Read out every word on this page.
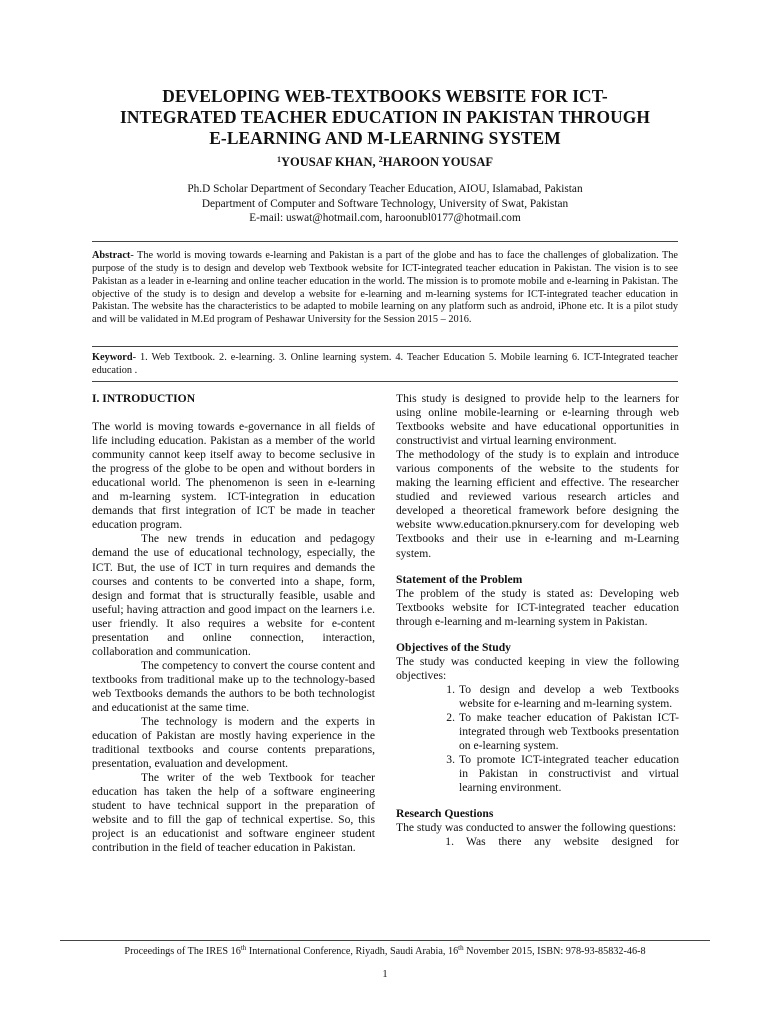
DEVELOPING WEB-TEXTBOOKS WEBSITE FOR ICT-
INTEGRATED TEACHER EDUCATION IN PAKISTAN THROUGH
E-LEARNING AND M-LEARNING SYSTEM
$^1$YOUSAF KHAN, $^2$HAROON YOUSAF
Ph.D Scholar Department of Secondary Teacher Education, AIOU, Islamabad, Pakistan
Department of Computer and Software Technology, University of Swat, Pakistan
E-mail: uswat@hotmail.com, haroonubl0177@hotmail.com
Abstract- The world is moving towards e-learning and Pakistan is a part of the globe and has to face the challenges of globalization. The purpose of the study is to design and develop web Textbook website for ICT-integrated teacher education in Pakistan. The vision is to see Pakistan as a leader in e-learning and online teacher education in the world. The mission is to promote mobile and e-learning in Pakistan. The objective of the study is to design and develop a website for e-learning and m-learning systems for ICT-integrated teacher education in Pakistan. The website has the characteristics to be adapted to mobile learning on any platform such as android, iPhone etc. It is a pilot study and will be validated in M.Ed program of Peshawar University for the Session 2015 – 2016.
Keyword- 1. Web Textbook. 2. e-learning. 3. Online learning system. 4. Teacher Education 5. Mobile learning 6. ICT-Integrated teacher education .

I. INTRODUCTION

The world is moving towards e-governance in all fields of life including education. Pakistan as a member of the world community cannot keep itself away to become seclusive in the progress of the globe to be open and without borders in educational world. The phenomenon is seen in e-learning and m-learning system. ICT-integration in education demands that first integration of ICT be made in teacher education program.

The new trends in education and pedagogy demand the use of educational technology, especially, the ICT. But, the use of ICT in turn requires and demands the courses and contents to be converted into a shape, form, design and format that is structurally feasible, usable and useful; having attraction and good impact on the learners i.e. user friendly. It also requires a website for e-content presentation and online connection, interaction, collaboration and communication.

The competency to convert the course content and textbooks from traditional make up to the technology-based web Textbooks demands the authors to be both technologist and educationist at the same time.

The technology is modern and the experts in education of Pakistan are mostly having experience in the traditional textbooks and course contents preparations, presentation, evaluation and development.

The writer of the web Textbook for teacher education has taken the help of a software engineering student to have technical support in the preparation of website and to fill the gap of technical expertise. So, this project is an educationist and software engineer student contribution in the field of teacher education in Pakistan.

This study is designed to provide help to the learners for using online mobile-learning or e-learning through web Textbooks website and have educational opportunities in constructivist and virtual learning environment.

The methodology of the study is to explain and introduce various components of the website to the students for making the learning efficient and effective. The researcher studied and reviewed various research articles and developed a theoretical framework before designing the website www.education.pknursery.com for developing web Textbooks and their use in e-learning and m-Learning system.

Statement of the Problem

The problem of the study is stated as: Developing web Textbooks website for ICT-integrated teacher education through e-learning and m-learning system in Pakistan.

Objectives of the Study

The study was conducted keeping in view the following objectives:

1. To design and develop a web Textbooks website for e-learning and m-learning system.
2. To make teacher education of Pakistan ICT-integrated through web Textbooks presentation on e-learning system.
3. To promote ICT-integrated teacher education in Pakistan in constructivist and virtual learning environment.

Research Questions

The study was conducted to answer the following questions:

1.	Was there any website designed for
Proceedings of The IRES 16th International Conference, Riyadh, Saudi Arabia, 16th November 2015, ISBN: 978-93-85832-46-8
1
